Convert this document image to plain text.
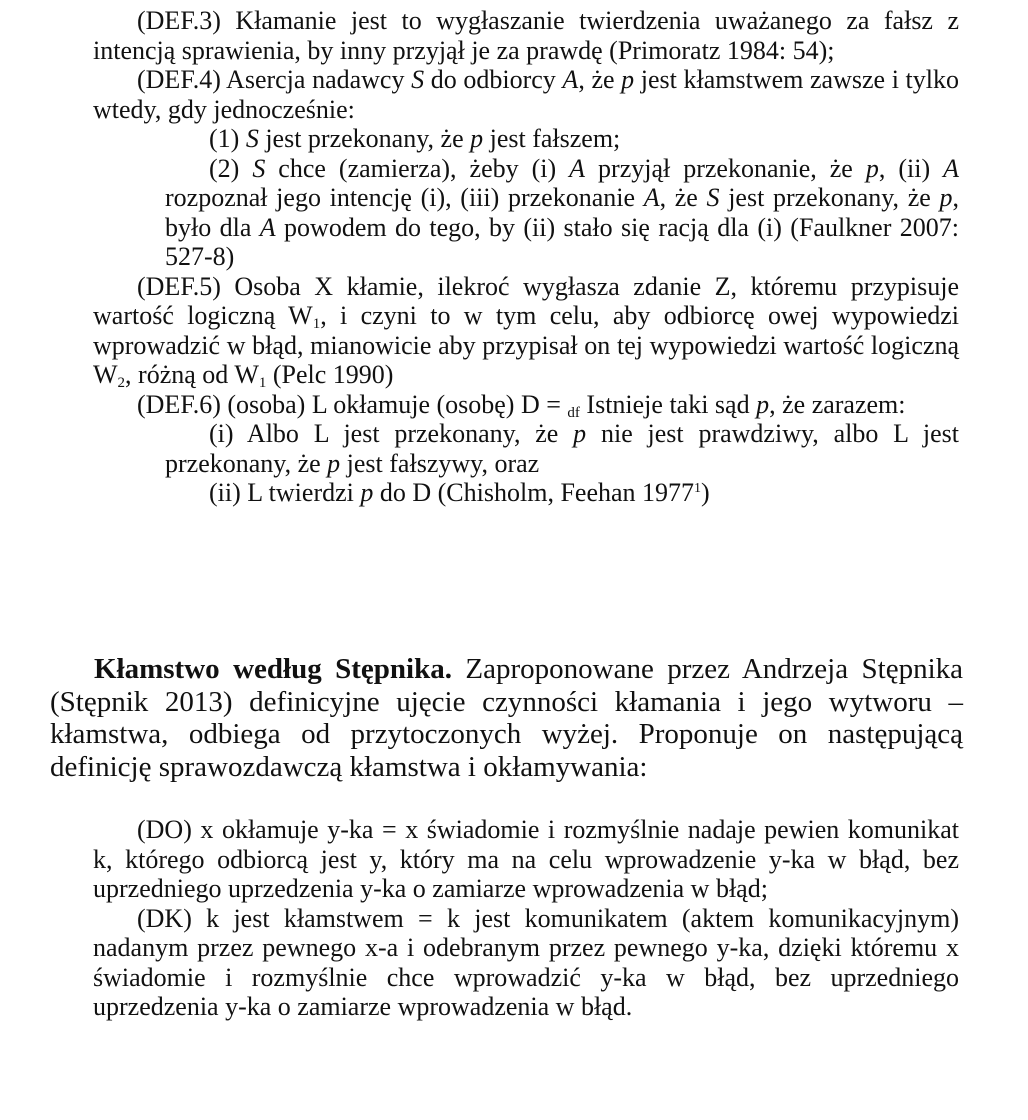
(DEF.3) Kłamanie jest to wygłaszanie twierdzenia uważanego za fałsz z intencją sprawienia, by inny przyjął je za prawdę (Primoratz 1984: 54);

(DEF.4) Asercja nadawcy S do odbiorcy A, że p jest kłamstwem zawsze i tylko wtedy, gdy jednocześnie:

(1) S jest przekonany, że p jest fałszem;

(2) S chce (zamierza), żeby (i) A przyjął przekonanie, że p, (ii) A rozpoznał jego intencję (i), (iii) przekonanie A, że S jest przekonany, że p, było dla A powodem do tego, by (ii) stało się racją dla (i) (Faulkner 2007: 527-8)

(DEF.5) Osoba X kłamie, ilekroć wygłasza zdanie Z, któremu przypisuje wartość logiczną $W_1$, i czyni to w tym celu, aby odbiorcę owej wypowiedzi wprowadzić w błąd, mianowicie aby przypisał on tej wypowiedzi wartość logiczną $W_2$, różną od $W_1$ (Pelc 1990)

(DEF.6) (osoba) L okłamuje (osobę) D = $_{df}$ Istnieje taki sąd p, że zarazem:

(i) Albo L jest przekonany, że p nie jest prawdziwy, albo L jest przekonany, że p jest fałszywy, oraz

(ii) L twierdzi p do D (Chisholm, Feehan 1977$^1$)

Kłamstwo według Stępnika. Zaproponowane przez Andrzeja Stępnika (Stępnik 2013) definicyjne ujęcie czynności kłamania i jego wytworu – kłamstwa, odbiega od przytoczonych wyżej. Proponuje on następującą definicję sprawozdawczą kłamstwa i okłamywania:

(DO) x okłamuje y-ka = x świadomie i rozmyślnie nadaje pewien komunikat k, którego odbiorcą jest y, który ma na celu wprowadzenie y-ka w błąd, bez uprzedniego uprzedzenia y-ka o zamiarze wprowadzenia w błąd;

(DK) k jest kłamstwem = k jest komunikatem (aktem komunikacyjnym) nadanym przez pewnego x-a i odebranym przez pewnego y-ka, dzięki któremu x świadomie i rozmyślnie chce wprowadzić y-ka w błąd, bez uprzedniego uprzedzenia y-ka o zamiarze wprowadzenia w błąd.
